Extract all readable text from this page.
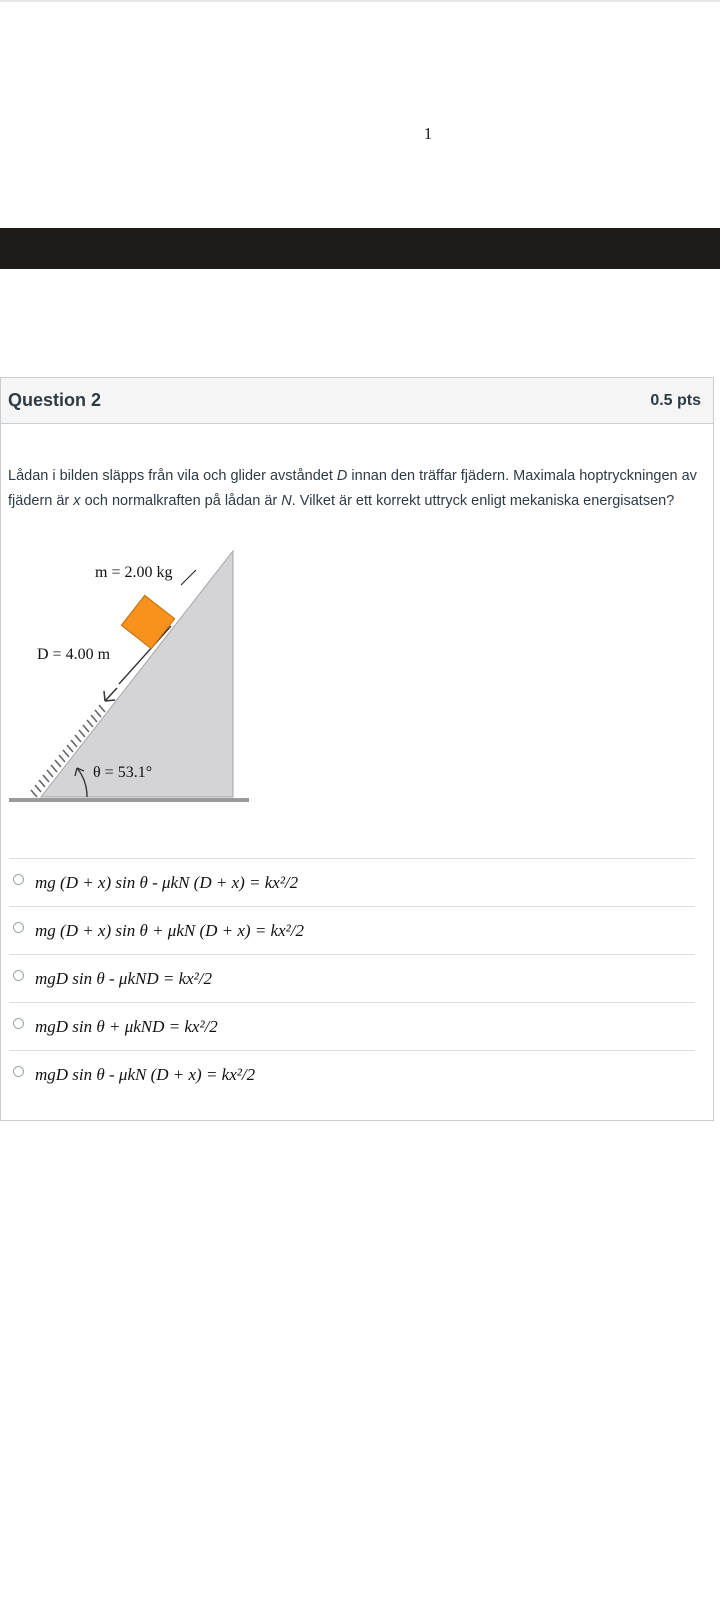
1
Question 2	0.5 pts
Lådan i bilden släpps från vila och glider avståndet D innan den träffar fjädern. Maximala hoptryckningen av fjädern är x och normalkraften på lådan är N. Vilket är ett korrekt uttryck enligt mekaniska energisatsen?
m = 2.00 kg
D = 4.00 m
θ = 53.1°
mg (D + x) sin θ - μkN (D + x) = kx²/2
mg (D + x) sin θ + μkN (D + x) = kx²/2
mgD sin θ - μkND = kx²/2
mgD sin θ + μkND = kx²/2
mgD sin θ - μkN (D + x) = kx²/2
